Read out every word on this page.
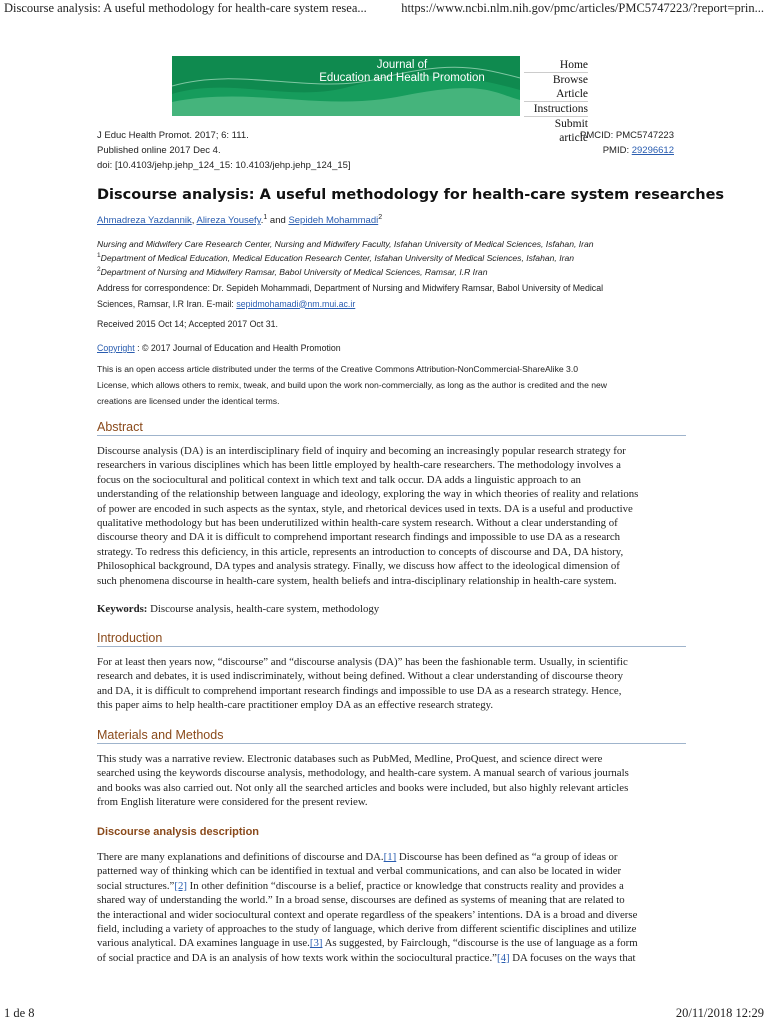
Discourse analysis: A useful methodology for health-care system resea...	https://www.ncbi.nlm.nih.gov/pmc/articles/PMC5747223/?report=prin...
1 de 8	20/11/2018 12:29
Journal of
Education and Health Promotion
Home
Browse Article
Instructions
Submit article
J Educ Health Promot. 2017; 6: 111.
Published online 2017 Dec 4.
doi: [10.4103/jehp.jehp_124_15: 10.4103/jehp.jehp_124_15]
PMCID: PMC5747223
PMID: 29296612
Discourse analysis: A useful methodology for health-care system researches
Ahmadreza Yazdannik, Alireza Yousefy.$^1$ and Sepideh Mohammadi$^2$
Nursing and Midwifery Care Research Center, Nursing and Midwifery Faculty, Isfahan University of Medical Sciences, Isfahan, Iran
$^1$Department of Medical Education, Medical Education Research Center, Isfahan University of Medical Sciences, Isfahan, Iran
$^2$Department of Nursing and Midwifery Ramsar, Babol University of Medical Sciences, Ramsar, I.R Iran
Address for correspondence: Dr. Sepideh Mohammadi, Department of Nursing and Midwifery Ramsar, Babol University of Medical
Sciences, Ramsar, I.R Iran. E-mail: sepidmohamadi@nm.mui.ac.ir
Received 2015 Oct 14; Accepted 2017 Oct 31.
Copyright : © 2017 Journal of Education and Health Promotion
This is an open access article distributed under the terms of the Creative Commons Attribution-NonCommercial-ShareAlike 3.0
License, which allows others to remix, tweak, and build upon the work non-commercially, as long as the author is credited and the new
creations are licensed under the identical terms.
Abstract
Discourse analysis (DA) is an interdisciplinary field of inquiry and becoming an increasingly popular research strategy for
researchers in various disciplines which has been little employed by health-care researchers. The methodology involves a
focus on the sociocultural and political context in which text and talk occur. DA adds a linguistic approach to an
understanding of the relationship between language and ideology, exploring the way in which theories of reality and relations
of power are encoded in such aspects as the syntax, style, and rhetorical devices used in texts. DA is a useful and productive
qualitative methodology but has been underutilized within health-care system research. Without a clear understanding of
discourse theory and DA it is difficult to comprehend important research findings and impossible to use DA as a research
strategy. To redress this deficiency, in this article, represents an introduction to concepts of discourse and DA, DA history,
Philosophical background, DA types and analysis strategy. Finally, we discuss how affect to the ideological dimension of
such phenomena discourse in health-care system, health beliefs and intra-disciplinary relationship in health-care system.
Keywords: Discourse analysis, health-care system, methodology
Introduction
For at least then years now, “discourse” and “discourse analysis (DA)” has been the fashionable term. Usually, in scientific
research and debates, it is used indiscriminately, without being defined. Without a clear understanding of discourse theory
and DA, it is difficult to comprehend important research findings and impossible to use DA as a research strategy. Hence,
this paper aims to help health-care practitioner employ DA as an effective research strategy.
Materials and Methods
This study was a narrative review. Electronic databases such as PubMed, Medline, ProQuest, and science direct were
searched using the keywords discourse analysis, methodology, and health-care system. A manual search of various journals
and books was also carried out. Not only all the searched articles and books were included, but also highly relevant articles
from English literature were considered for the present review.
Discourse analysis description
There are many explanations and definitions of discourse and DA.[1] Discourse has been defined as “a group of ideas or
patterned way of thinking which can be identified in textual and verbal communications, and can also be located in wider
social structures.”[2] In other definition “discourse is a belief, practice or knowledge that constructs reality and provides a
shared way of understanding the world.” In a broad sense, discourses are defined as systems of meaning that are related to
the interactional and wider sociocultural context and operate regardless of the speakers’ intentions. DA is a broad and diverse
field, including a variety of approaches to the study of language, which derive from different scientific disciplines and utilize
various analytical. DA examines language in use.[3] As suggested, by Fairclough, “discourse is the use of language as a form
of social practice and DA is an analysis of how texts work within the sociocultural practice.”[4] DA focuses on the ways that
